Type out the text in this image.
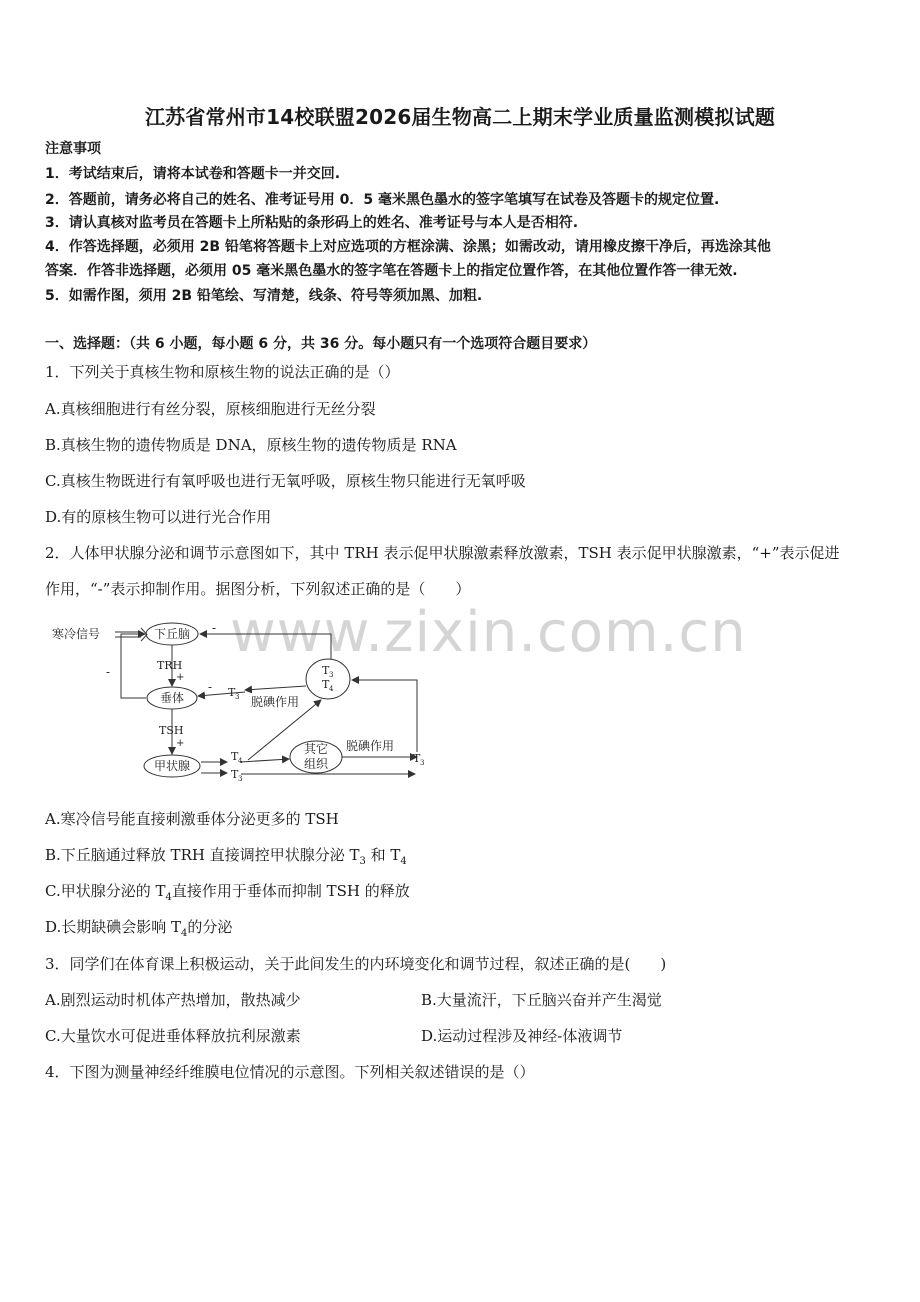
www.zixin.com.cn
江苏省常州市14校联盟2026届生物高二上期末学业质量监测模拟试题
注意事项
1．考试结束后，请将本试卷和答题卡一并交回.
2．答题前，请务必将自己的姓名、准考证号用 0．5 毫米黑色墨水的签字笔填写在试卷及答题卡的规定位置.
3．请认真核对监考员在答题卡上所粘贴的条形码上的姓名、准考证号与本人是否相符.
4．作答选择题，必须用 2B 铅笔将答题卡上对应选项的方框涂满、涂黑；如需改动，请用橡皮擦干净后，再选涂其他
答案．作答非选择题，必须用 05 毫米黑色墨水的签字笔在答题卡上的指定位置作答，在其他位置作答一律无效.
5．如需作图，须用 2B 铅笔绘、写清楚，线条、符号等须加黑、加粗.
一、选择题：（共 6 小题，每小题 6 分，共 36 分。每小题只有一个选项符合题目要求）
1．下列关于真核生物和原核生物的说法正确的是（）
A.真核细胞进行有丝分裂，原核细胞进行无丝分裂
B.真核生物的遗传物质是 DNA，原核生物的遗传物质是 RNA
C.真核生物既进行有氧呼吸也进行无氧呼吸，原核生物只能进行无氧呼吸
D.有的原核生物可以进行光合作用
2．人体甲状腺分泌和调节示意图如下，其中 TRH 表示促甲状腺激素释放激素，TSH 表示促甲状腺激素，“+”表示促进
作用，“-”表示抑制作用。据图分析，下列叙述正确的是（　　）
寒冷信号	下丘脑
垂体
甲状腺
其它
组织
TRH
+
TSH
+
-
-
- T 3
T 3
T 4
脱碘作用
T 4
T 3
脱碘作用
T 3
A.寒冷信号能直接刺激垂体分泌更多的 TSH
B.下丘脑通过释放 TRH 直接调控甲状腺分泌 $T_3$ 和 $T_4$
C.甲状腺分泌的 $T_4$直接作用于垂体而抑制 TSH 的释放
D.长期缺碘会影响 $T_4$的分泌
3．同学们在体育课上积极运动，关于此间发生的内环境变化和调节过程，叙述正确的是(　　)
A.剧烈运动时机体产热增加，散热减少	B.大量流汗，下丘脑兴奋并产生渴觉
C.大量饮水可促进垂体释放抗利尿激素	D.运动过程涉及神经-体液调节
4．下图为测量神经纤维膜电位情况的示意图。下列相关叙述错误的是（）
